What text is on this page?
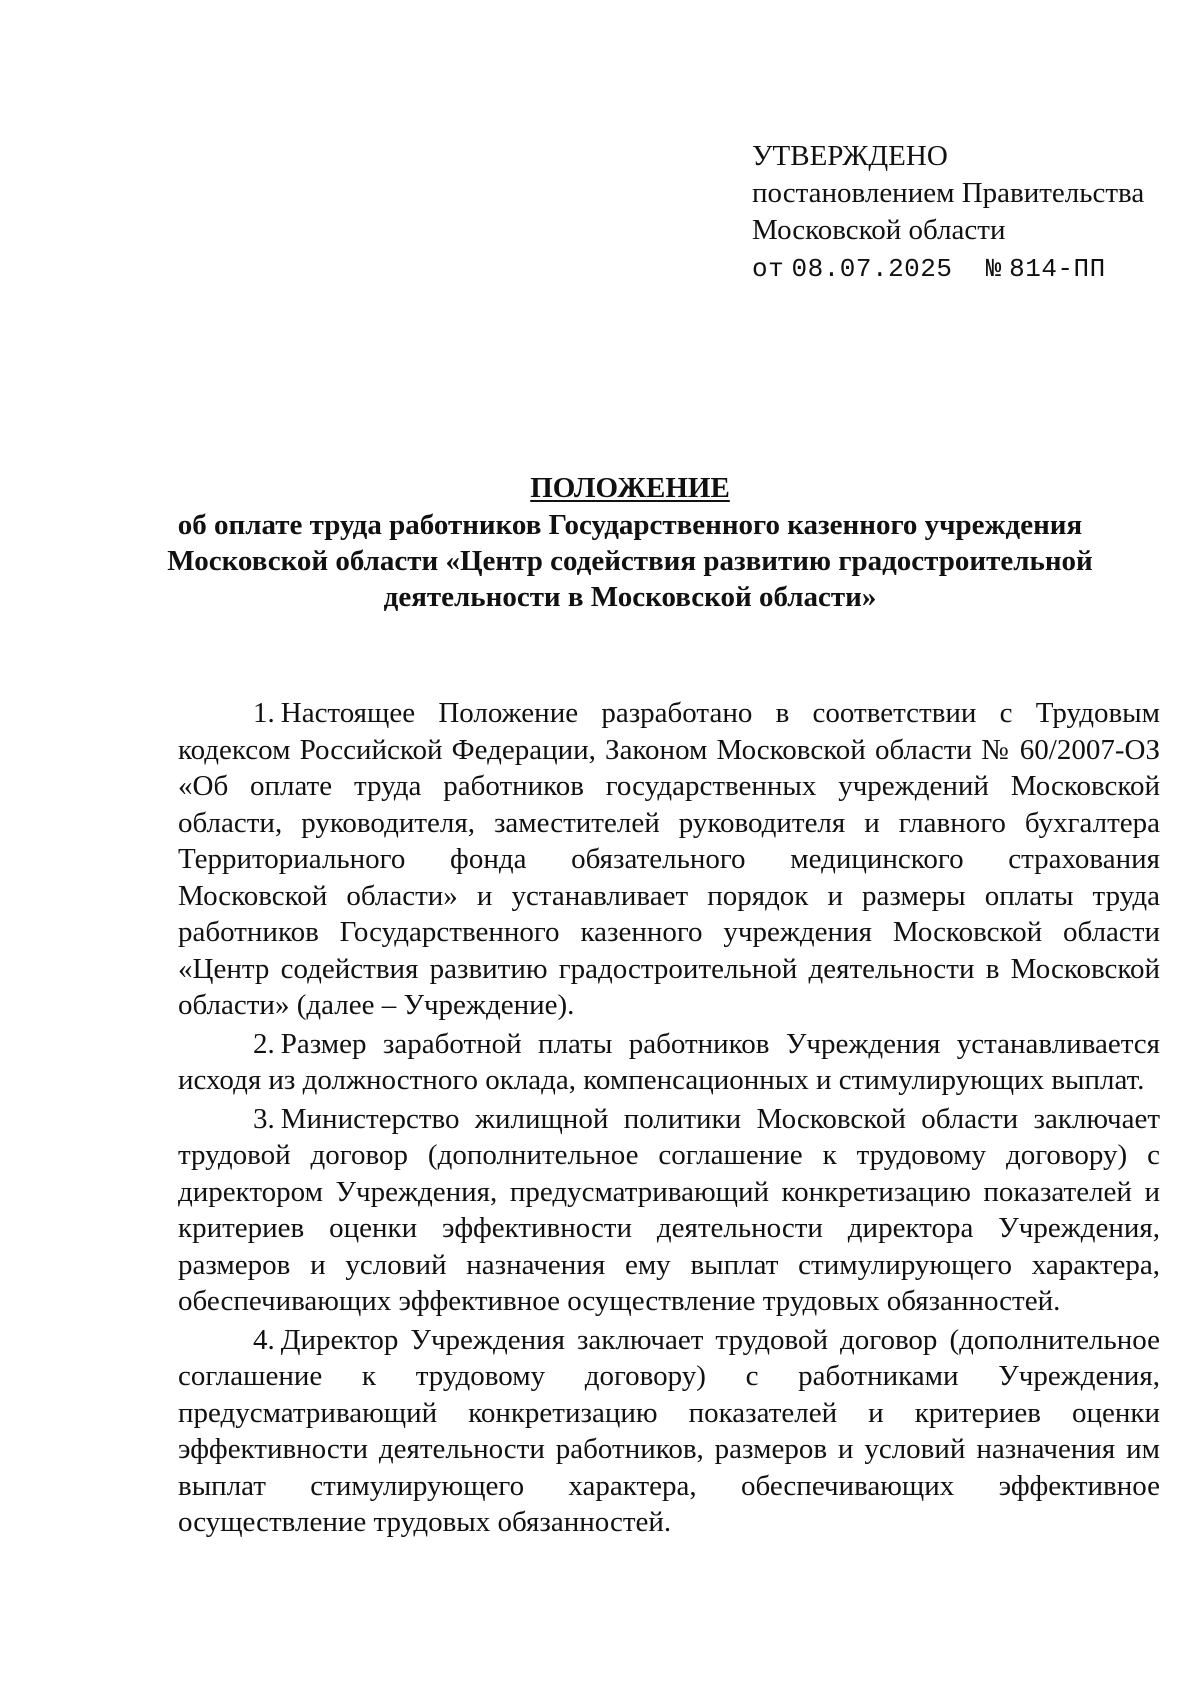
УТВЕРЖДЕНО
постановлением Правительства
Московской области
от 08.07.2025 № 814-ПП
ПОЛОЖЕНИЕ
об оплате труда работников Государственного казенного учреждения
Московской области «Центр содействия развитию градостроительной
деятельности в Московской области»

1. Настоящее Положение разработано в соответствии с Трудовым кодексом Российской Федерации, Законом Московской области № 60/2007-ОЗ «Об оплате труда работников государственных учреждений Московской области, руководителя, заместителей руководителя и главного бухгалтера Территориального фонда обязательного медицинского страхования Московской области» и устанавливает порядок и размеры оплаты труда работников Государственного казенного учреждения Московской области «Центр содействия развитию градостроительной деятельности в Московской области» (далее – Учреждение).

2. Размер заработной платы работников Учреждения устанавливается исходя из должностного оклада, компенсационных и стимулирующих выплат.

3. Министерство жилищной политики Московской области заключает трудовой договор (дополнительное соглашение к трудовому договору) с директором Учреждения, предусматривающий конкретизацию показателей и критериев оценки эффективности деятельности директора Учреждения, размеров и условий назначения ему выплат стимулирующего характера, обеспечивающих эффективное осуществление трудовых обязанностей.

4. Директор Учреждения заключает трудовой договор (дополнительное соглашение к трудовому договору) с работниками Учреждения, предусматривающий конкретизацию показателей и критериев оценки эффективности деятельности работников, размеров и условий назначения им выплат стимулирующего характера, обеспечивающих эффективное осуществление трудовых обязанностей.
